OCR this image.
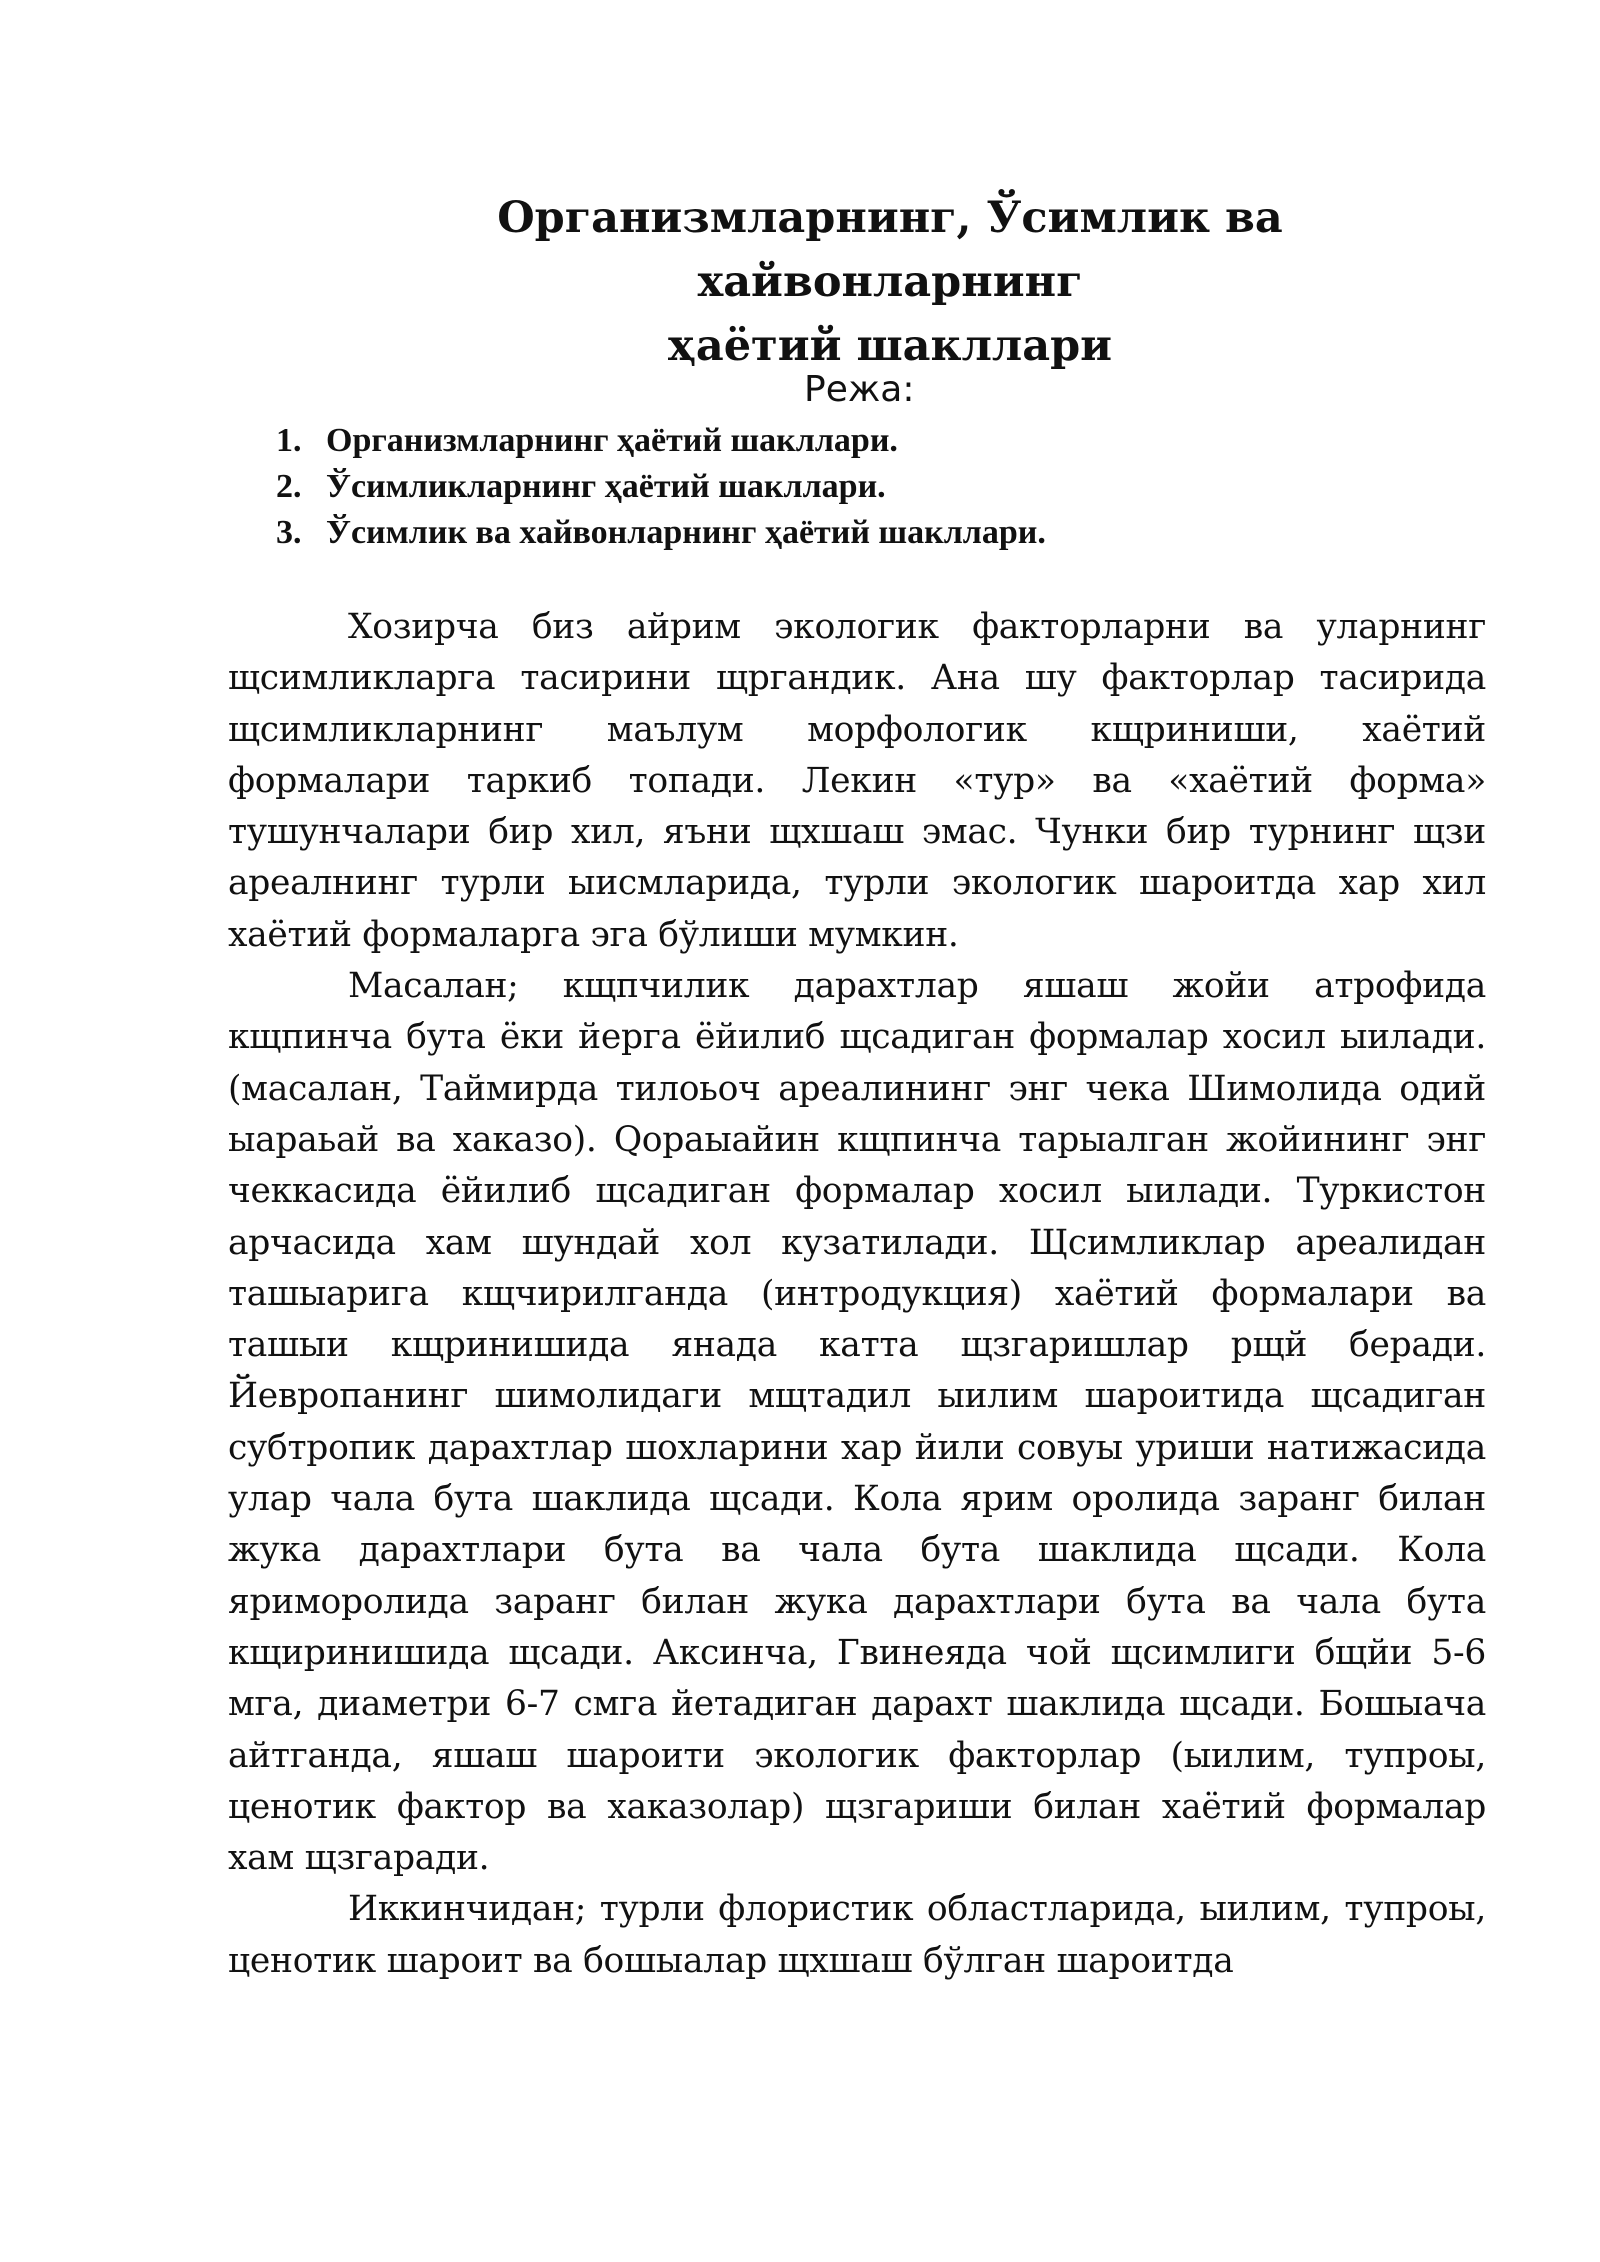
Организмларнинг, Ўсимлик ва хайвонларнинг
ҳаётий шакллари

Режа:

1. Организмларнинг ҳаётий шакллари.
2. Ўсимликларнинг ҳаётий шакллари.
3. Ўсимлик ва хайвонларнинг ҳаётий шакллари.

Хозирча биз айрим экологик факторларни ва уларнинг щсимликларга тасирини щргандик. Ана шу факторлар тасирида щсимликларнинг маълум морфологик кщриниши, хаётий формалари таркиб топади. Лекин «тур» ва «хаётий форма» тушунчалари бир хил, яъни щхшаш эмас. Чунки бир турнинг щзи ареалнинг турли ыисмларида, турли экологик шароитда хар хил хаётий формаларга эга бўлиши мумкин.

Масалан; кщпчилик дарахтлар яшаш жойи атрофида кщпинча бута ёки йерга ёйилиб щсадиган формалар хосил ыилади. (масалан, Таймирда тилоьоч ареалининг энг чека Шимолида одий ыараьай ва хаказо). Qораыайин кщпинча тарыалган жойининг энг чеккасида ёйилиб щсадиган формалар хосил ыилади. Туркистон арчасида хам шундай хол кузатилади. Щсимликлар ареалидан ташыарига кщчирилганда (интродукция) хаётий формалари ва ташыи кщринишида янада катта щзгаришлар рщй беради. Йевропанинг шимолидаги мщтадил ыилим шароитида щсадиган субтропик дарахтлар шохларини хар йили совуы уриши натижасида улар чала бута шаклида щсади. Кола ярим оролида заранг билан жука дарахтлари бута ва чала бута шаклида щсади. Кола яриморолида заранг билан жука дарахтлари бута ва чала бута кщиринишида щсади. Аксинча, Гвинеяда чой щсимлиги бщйи 5-6 мга, диаметри 6-7 смга йетадиган дарахт шаклида щсади. Бошыача айтганда, яшаш шароити экологик факторлар (ыилим, тупроы, ценотик фактор ва хаказолар) щзгариши билан хаётий формалар хам щзгаради.

Иккинчидан; турли флористик областларида, ыилим, тупроы, ценотик шароит ва бошыалар щхшаш бўлган шароитда
